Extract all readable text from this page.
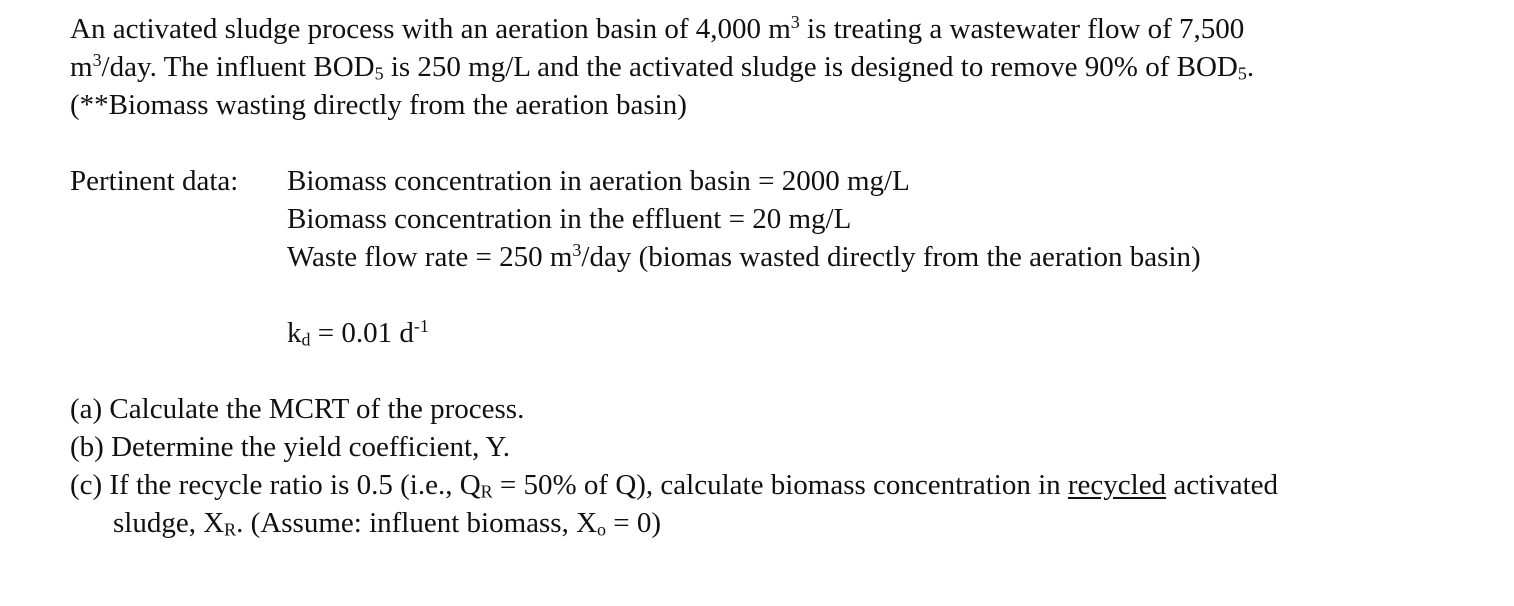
An activated sludge process with an aeration basin of 4,000 $m^3$ is treating a wastewater flow of 7,500
$m^3$/day. The influent $BOD_5$ is 250 mg/L and the activated sludge is designed to remove 90% of $BOD_5$.
(**Biomass wasting directly from the aeration basin)
Pertinent data: Biomass concentration in aeration basin = 2000 mg/L
Biomass concentration in the effluent = 20 mg/L
Waste flow rate = 250 $m^3$/day (biomas wasted directly from the aeration basin)
$k_d = 0.01$ $d^{-1}$
(a) Calculate the MCRT of the process.
(b) Determine the yield coefficient, Y.
(c) If the recycle ratio is 0.5 (i.e., $Q_R = 50\%$ of Q), calculate biomass concentration in recycled activated
sludge, $X_R$. (Assume: influent biomass, $X_o = 0$)
